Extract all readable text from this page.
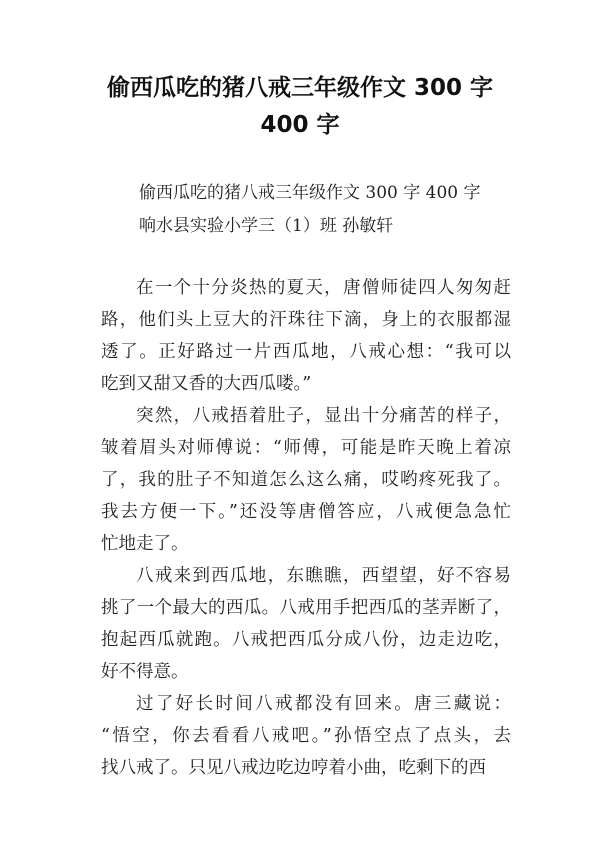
偷西瓜吃的猪八戒三年级作文 300 字
400 字
偷西瓜吃的猪八戒三年级作文 300 字 400 字
响水县实验小学三（1）班 孙敏轩
在一个十分炎热的夏天，唐僧师徒四人匆匆赶
路，他们头上豆大的汗珠往下滴，身上的衣服都湿
透了。正好路过一片西瓜地，八戒心想：“我可以
吃到又甜又香的大西瓜喽。”
突然，八戒捂着肚子，显出十分痛苦的样子，
皱着眉头对师傅说：“师傅，可能是昨天晚上着凉
了，我的肚子不知道怎么这么痛，哎哟疼死我了。
我去方便一下。”还没等唐僧答应，八戒便急急忙
忙地走了。
八戒来到西瓜地，东瞧瞧，西望望，好不容易
挑了一个最大的西瓜。八戒用手把西瓜的茎弄断了，
抱起西瓜就跑。八戒把西瓜分成八份，边走边吃，
好不得意。
过了好长时间八戒都没有回来。唐三藏说：
“悟空，你去看看八戒吧。”孙悟空点了点头，去
找八戒了。只见八戒边吃边哼着小曲，吃剩下的西
